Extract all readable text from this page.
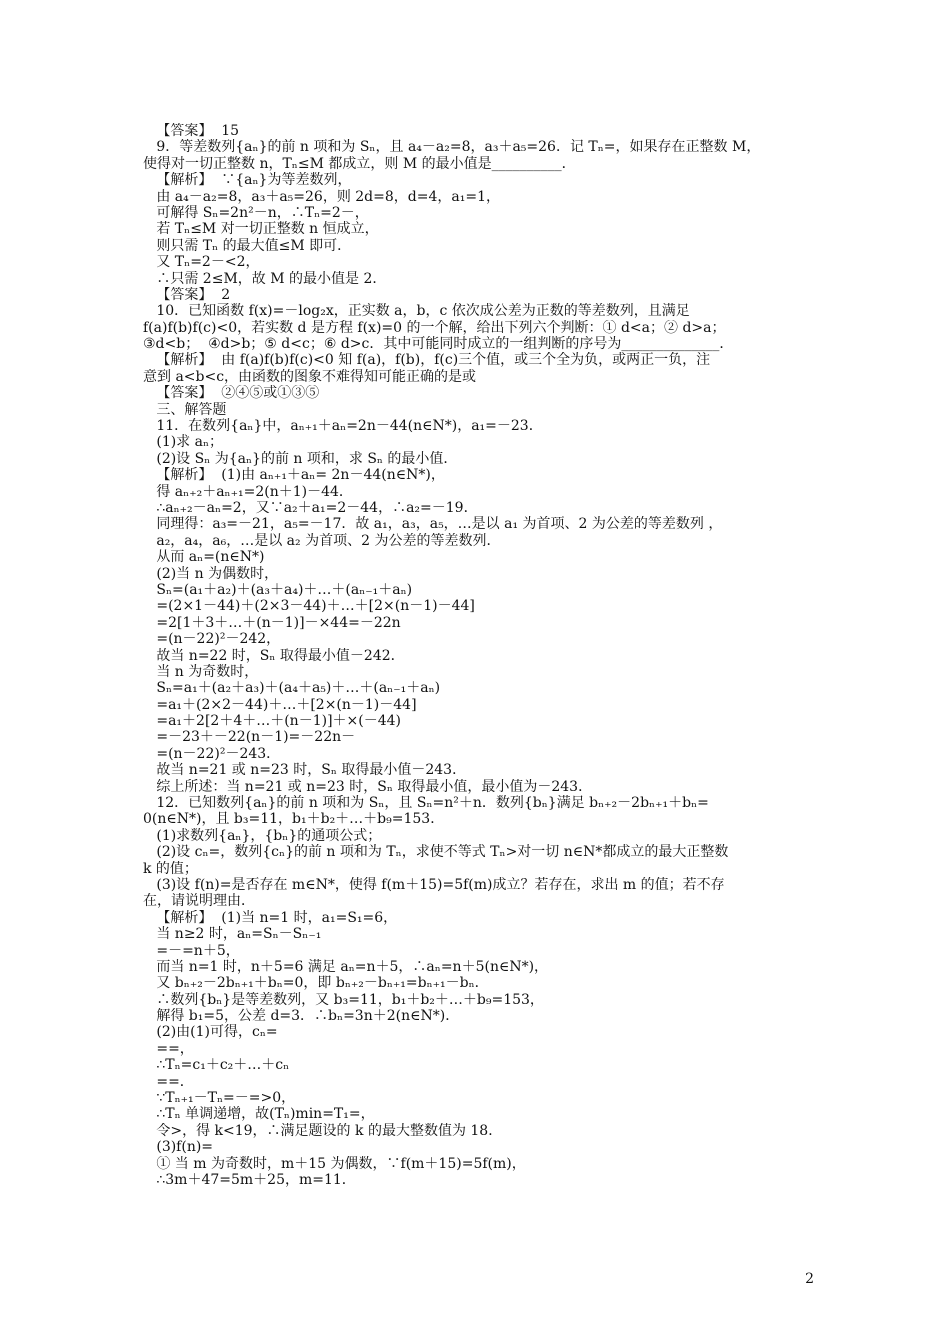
【答案】  15
9．等差数列{aₙ}的前 n 项和为 Sₙ，且 a₄－a₂=8，a₃＋a₅=26．记 Tₙ=，如果存在正整数 M，
使得对一切正整数 n，Tₙ≤M 都成立，则 M 的最小值是__________．
【解析】  ∵{aₙ}为等差数列，
由 a₄－a₂=8，a₃＋a₅=26，则 2d=8，d=4，a₁=1，
可解得 Sₙ=2n²－n，∴Tₙ=2－，
若 Tₙ≤M 对一切正整数 n 恒成立，
则只需 Tₙ 的最大值≤M 即可．
又 Tₙ=2－<2，
∴只需 2≤M，故 M 的最小值是 2．
【答案】  2
10．已知函数 f(x)=－log₂x，正实数 a，b，c 依次成公差为正数的等差数列，且满足
f(a)f(b)f(c)<0，若实数 d 是方程 f(x)=0 的一个解，给出下列六个判断：① d<a；② d>a；
③d<b；  ④d>b；⑤ d<c；⑥ d>c．其中可能同时成立的一组判断的序号为______________．
【解析】  由 f(a)f(b)f(c)<0 知 f(a)，f(b)，f(c)三个值，或三个全为负，或两正一负，注
意到 a<b<c，由函数的图象不难得知可能正确的是或
【答案】  ②④⑤或①③⑤
三、解答题
11．在数列{aₙ}中，aₙ₊₁＋aₙ=2n－44(n∈N*)，a₁=－23．
(1)求 aₙ；
(2)设 Sₙ 为{aₙ}的前 n 项和，求 Sₙ 的最小值．
【解析】  (1)由 aₙ₊₁＋aₙ= 2n－44(n∈N*)，
得 aₙ₊₂＋aₙ₊₁=2(n＋1)－44．
∴aₙ₊₂－aₙ=2，又∵a₂＋a₁=2－44，∴a₂=－19．
同理得：a₃=－21，a₅=－17．故 a₁，a₃，a₅，…是以 a₁ 为首项、2 为公差的等差数列 ，
a₂，a₄，a₆，…是以 a₂ 为首项、2 为公差的等差数列．
从而 aₙ=(n∈N*)
(2)当 n 为偶数时，
Sₙ=(a₁＋a₂)＋(a₃＋a₄)＋…＋(aₙ₋₁＋aₙ)
=(2×1－44)＋(2×3－44)＋…＋[2×(n－1)－44]
=2[1＋3＋…＋(n－1)]－×44=－22n
=(n－22)²－242，
故当 n=22 时，Sₙ 取得最小值－242．
当 n 为奇数时，
Sₙ=a₁＋(a₂＋a₃)＋(a₄＋a₅)＋…＋(aₙ₋₁＋aₙ)
=a₁＋(2×2－44)＋…＋[2×(n－1)－44]
=a₁＋2[2＋4＋…＋(n－1)]＋×(－44)
=－23＋－22(n－1)=－22n－
=(n－22)²－243．
故当 n=21 或 n=23 时，Sₙ 取得最小值－243．
综上所述：当 n=21 或 n=23 时，Sₙ 取得最小值，最小值为－243．
12．已知数列{aₙ}的前 n 项和为 Sₙ，且 Sₙ=n²＋n．数列{bₙ}满足 bₙ₊₂－2bₙ₊₁＋bₙ=
0(n∈N*)，且 b₃=11，b₁＋b₂＋…＋b₉=153．
(1)求数列{aₙ}，{bₙ}的通项公式；
(2)设 cₙ=，数列{cₙ}的前 n 项和为 Tₙ，求使不等式 Tₙ>对一切 n∈N*都成立的最大正整数
k 的值；
(3)设 f(n)=是否存在 m∈N*，使得 f(m＋15)=5f(m)成立？若存在，求出 m 的值；若不存
在，请说明理由．
【解析】  (1)当 n=1 时，a₁=S₁=6，
当 n≥2 时，aₙ=Sₙ－Sₙ₋₁
=－=n＋5，
而当 n=1 时，n＋5=6 满足 aₙ=n＋5，∴aₙ=n＋5(n∈N*)，
又 bₙ₊₂－2bₙ₊₁＋bₙ=0，即 bₙ₊₂－bₙ₊₁=bₙ₊₁－bₙ．
∴数列{bₙ}是等差数列，又 b₃=11，b₁＋b₂＋…＋b₉=153，
解得 b₁=5，公差 d=3．∴bₙ=3n＋2(n∈N*)．
(2)由(1)可得，cₙ=
==，
∴Tₙ=c₁＋c₂＋…＋cₙ
==．
∵Tₙ₊₁－Tₙ=－=>0，
∴Tₙ 单调递增，故(Tₙ)min=T₁=，
令>，得 k<19，∴满足题设的 k 的最大整数值为 18．
(3)f(n)=
① 当 m 为奇数时，m＋15 为偶数，∵f(m＋15)=5f(m)，
∴3m＋47=5m＋25，m=11．
2
